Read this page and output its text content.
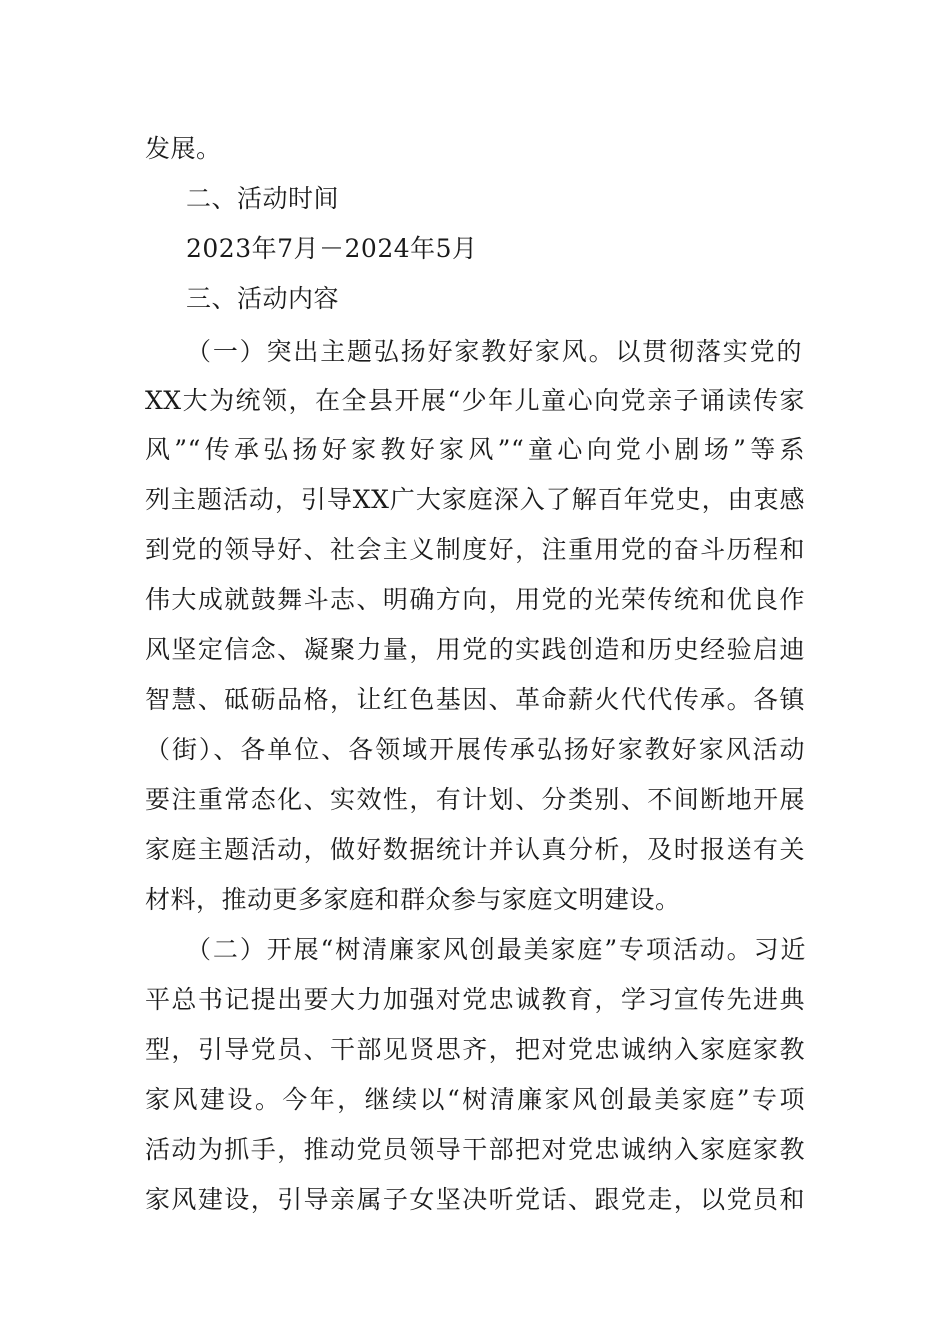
发展。
二、活动时间
2023年7月－2024年5月
三、活动内容
（一）突出主题弘扬好家教好家风。以贯彻落实党的
XX大为统领，在全县开展“少年儿童心向党亲子诵读传家
风”“传承弘扬好家教好家风”“童心向党小剧场”等系
列主题活动，引导XX广大家庭深入了解百年党史，由衷感
到党的领导好、社会主义制度好，注重用党的奋斗历程和
伟大成就鼓舞斗志、明确方向，用党的光荣传统和优良作
风坚定信念、凝聚力量，用党的实践创造和历史经验启迪
智慧、砥砺品格，让红色基因、革命薪火代代传承。各镇
（街）、各单位、各领域开展传承弘扬好家教好家风活动
要注重常态化、实效性，有计划、分类别、不间断地开展
家庭主题活动，做好数据统计并认真分析，及时报送有关
材料，推动更多家庭和群众参与家庭文明建设。
（二）开展“树清廉家风创最美家庭”专项活动。习近
平总书记提出要大力加强对党忠诚教育，学习宣传先进典
型，引导党员、干部见贤思齐，把对党忠诚纳入家庭家教
家风建设。今年，继续以“树清廉家风创最美家庭”专项
活动为抓手，推动党员领导干部把对党忠诚纳入家庭家教
家风建设，引导亲属子女坚决听党话、跟党走，以党员和
